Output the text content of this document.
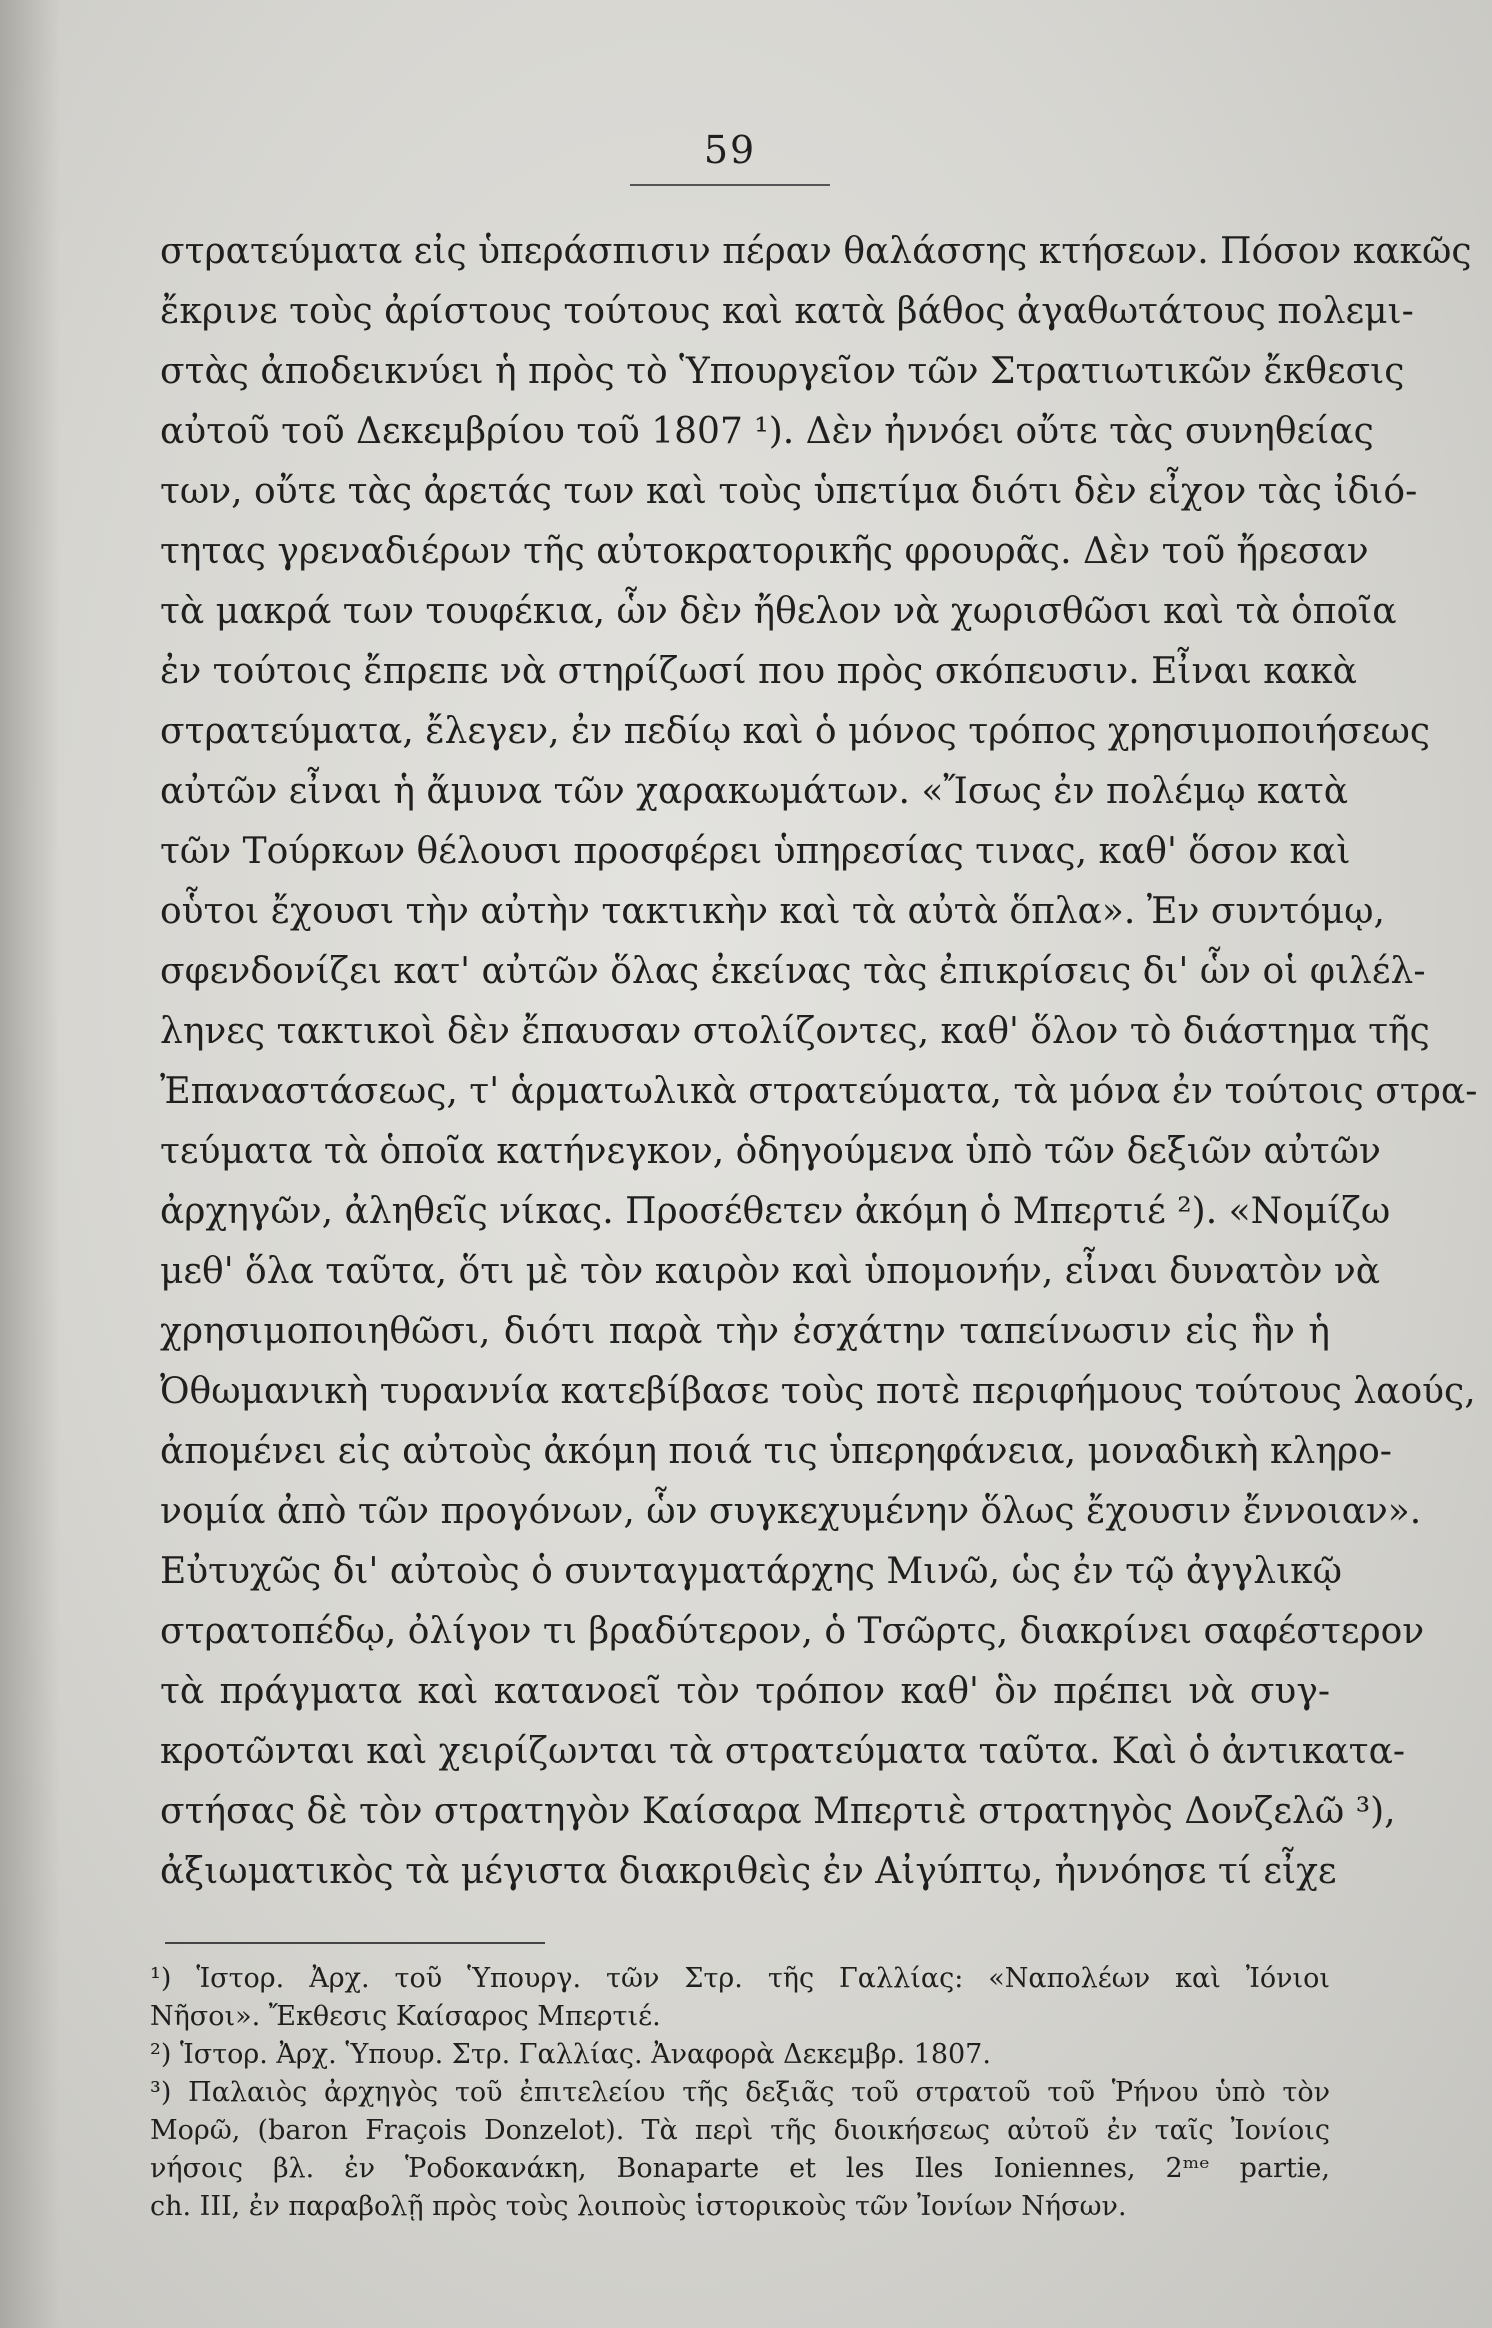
59
στρατεύματα εἰς ὑπεράσπισιν πέραν θαλάσσης κτήσεων. Πόσον κακῶς
ἔκρινε τοὺς ἀρίστους τούτους καὶ κατὰ βάθος ἀγαθωτάτους πολεμι-
στὰς ἀποδεικνύει ἡ πρὸς τὸ Ὑπουργεῖον τῶν Στρατιωτικῶν ἔκθεσις
αὐτοῦ τοῦ Δεκεμβρίου τοῦ 1807 ¹). Δὲν ἠννόει οὔτε τὰς συνηθείας
των, οὔτε τὰς ἀρετάς των καὶ τοὺς ὑπετίμα διότι δὲν εἶχον τὰς ἰδιό-
τητας γρεναδιέρων τῆς αὐτοκρατορικῆς φρουρᾶς. Δὲν τοῦ ἤρεσαν
τὰ μακρά των τουφέκια, ὧν δὲν ἤθελον νὰ χωρισθῶσι καὶ τὰ ὁποῖα
ἐν τούτοις ἔπρεπε νὰ στηρίζωσί που πρὸς σκόπευσιν. Εἶναι κακὰ
στρατεύματα, ἔλεγεν, ἐν πεδίῳ καὶ ὁ μόνος τρόπος χρησιμοποιήσεως
αὐτῶν εἶναι ἡ ἄμυνα τῶν χαρακωμάτων. «Ἴσως ἐν πολέμῳ κατὰ
τῶν Τούρκων θέλουσι προσφέρει ὑπηρεσίας τινας, καθ' ὅσον καὶ
οὗτοι ἔχουσι τὴν αὐτὴν τακτικὴν καὶ τὰ αὐτὰ ὅπλα». Ἐν συντόμῳ,
σφενδονίζει κατ' αὐτῶν ὅλας ἐκείνας τὰς ἐπικρίσεις δι' ὧν οἱ φιλέλ-
ληνες τακτικοὶ δὲν ἔπαυσαν στολίζοντες, καθ' ὅλον τὸ διάστημα τῆς
Ἐπαναστάσεως, τ' ἁρματωλικὰ στρατεύματα, τὰ μόνα ἐν τούτοις στρα-
τεύματα τὰ ὁποῖα κατήνεγκον, ὁδηγούμενα ὑπὸ τῶν δεξιῶν αὐτῶν
ἀρχηγῶν, ἀληθεῖς νίκας. Προσέθετεν ἀκόμη ὁ Μπερτιέ ²). «Νομίζω
μεθ' ὅλα ταῦτα, ὅτι μὲ τὸν καιρὸν καὶ ὑπομονήν, εἶναι δυνατὸν νὰ
χρησιμοποιηθῶσι, διότι παρὰ τὴν ἐσχάτην ταπείνωσιν εἰς ἣν ἡ
Ὀθωμανικὴ τυραννία κατεβίβασε τοὺς ποτὲ περιφήμους τούτους λαούς,
ἀπομένει εἰς αὐτοὺς ἀκόμη ποιά τις ὑπερηφάνεια, μοναδικὴ κληρο-
νομία ἀπὸ τῶν προγόνων, ὧν συγκεχυμένην ὅλως ἔχουσιν ἔννοιαν».
Εὐτυχῶς δι' αὐτοὺς ὁ συνταγματάρχης Μινῶ, ὡς ἐν τῷ ἀγγλικῷ
στρατοπέδῳ, ὀλίγον τι βραδύτερον, ὁ Τσῶρτς, διακρίνει σαφέστερον
τὰ πράγματα καὶ κατανοεῖ τὸν τρόπον καθ' ὃν πρέπει νὰ συγ-
κροτῶνται καὶ χειρίζωνται τὰ στρατεύματα ταῦτα. Καὶ ὁ ἀντικατα-
στήσας δὲ τὸν στρατηγὸν Καίσαρα Μπερτιὲ στρατηγὸς Δονζελῶ ³),
ἀξιωματικὸς τὰ μέγιστα διακριθεὶς ἐν Αἰγύπτῳ, ἠννόησε τί εἶχε
¹) Ἱστορ. Ἀρχ. τοῦ Ὑπουργ. τῶν Στρ. τῆς Γαλλίας: «Ναπολέων καὶ Ἰόνιοι
Νῆσοι». Ἔκθεσις Καίσαρος Μπερτιέ.
²) Ἱστορ. Ἀρχ. Ὑπουρ. Στρ. Γαλλίας. Ἀναφορὰ Δεκεμβρ. 1807.
³) Παλαιὸς ἀρχηγὸς τοῦ ἐπιτελείου τῆς δεξιᾶς τοῦ στρατοῦ τοῦ Ῥήνου ὑπὸ τὸν
Μορῶ, (baron Fraçois Donzelot). Τὰ περὶ τῆς διοικήσεως αὐτοῦ ἐν ταῖς Ἰονίοις
νήσοις βλ. ἐν Ῥοδοκανάκη, Bonaparte et les Iles Ioniennes, 2ᵐᵉ partie,
ch. III, ἐν παραβολῇ πρὸς τοὺς λοιποὺς ἱστορικοὺς τῶν Ἰονίων Νήσων.
